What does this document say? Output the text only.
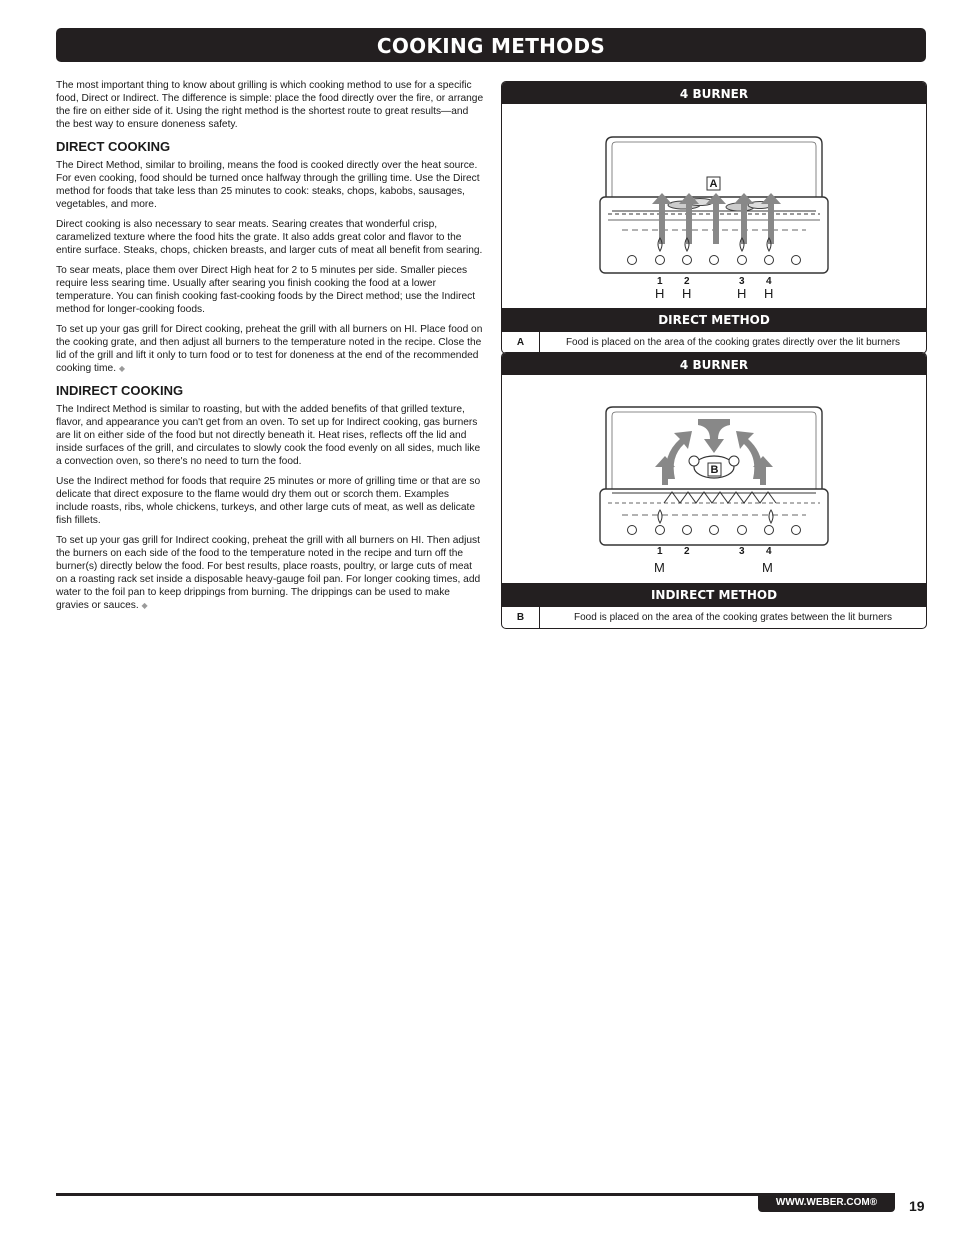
COOKING METHODS

The most important thing to know about grilling is which cooking method to use for a specific food, Direct or Indirect. The difference is simple: place the food directly over the fire, or arrange the fire on either side of it. Using the right method is the shortest route to great results—and the best way to ensure doneness safety.

DIRECT COOKING

The Direct Method, similar to broiling, means the food is cooked directly over the heat source. For even cooking, food should be turned once halfway through the grilling time. Use the Direct method for foods that take less than 25 minutes to cook: steaks, chops, kabobs, sausages, vegetables, and more.

Direct cooking is also necessary to sear meats. Searing creates that wonderful crisp, caramelized texture where the food hits the grate. It also adds great color and flavor to the entire surface. Steaks, chops, chicken breasts, and larger cuts of meat all benefit from searing.

To sear meats, place them over Direct High heat for 2 to 5 minutes per side. Smaller pieces require less searing time. Usually after searing you finish cooking the food at a lower temperature. You can finish cooking fast-cooking foods by the Direct method; use the Indirect method for longer-cooking foods.

To set up your gas grill for Direct cooking, preheat the grill with all burners on HI. Place food on the cooking grate, and then adjust all burners to the temperature noted in the recipe. Close the lid of the grill and lift it only to turn food or to test for doneness at the end of the recommended cooking time. ◆

INDIRECT COOKING

The Indirect Method is similar to roasting, but with the added benefits of that grilled texture, flavor, and appearance you can't get from an oven. To set up for Indirect cooking, gas burners are lit on either side of the food but not directly beneath it. Heat rises, reflects off the lid and inside surfaces of the grill, and circulates to slowly cook the food evenly on all sides, much like a convection oven, so there's no need to turn the food.

Use the Indirect method for foods that require 25 minutes or more of grilling time or that are so delicate that direct exposure to the flame would dry them out or scorch them. Examples include roasts, ribs, whole chickens, turkeys, and other large cuts of meat, as well as delicate fish fillets.

To set up your gas grill for Indirect cooking, preheat the grill with all burners on HI. Then adjust the burners on each side of the food to the temperature noted in the recipe and turn off the burner(s) directly below the food. For best results, place roasts, poultry, or large cuts of meat on a roasting rack set inside a disposable heavy-gauge foil pan. For longer cooking times, add water to the foil pan to keep drippings from burning. The drippings can be used to make gravies or sauces. ◆

4 BURNER
A
1 2	3 4
H H	H H
DIRECT METHOD
A	Food is placed on the area of the cooking grates directly over the lit burners
4 BURNER
B
1 2	3 4
M	M
INDIRECT METHOD
B	Food is placed on the area of the cooking grates between the lit burners
WWW.WEBER.COM®	19
